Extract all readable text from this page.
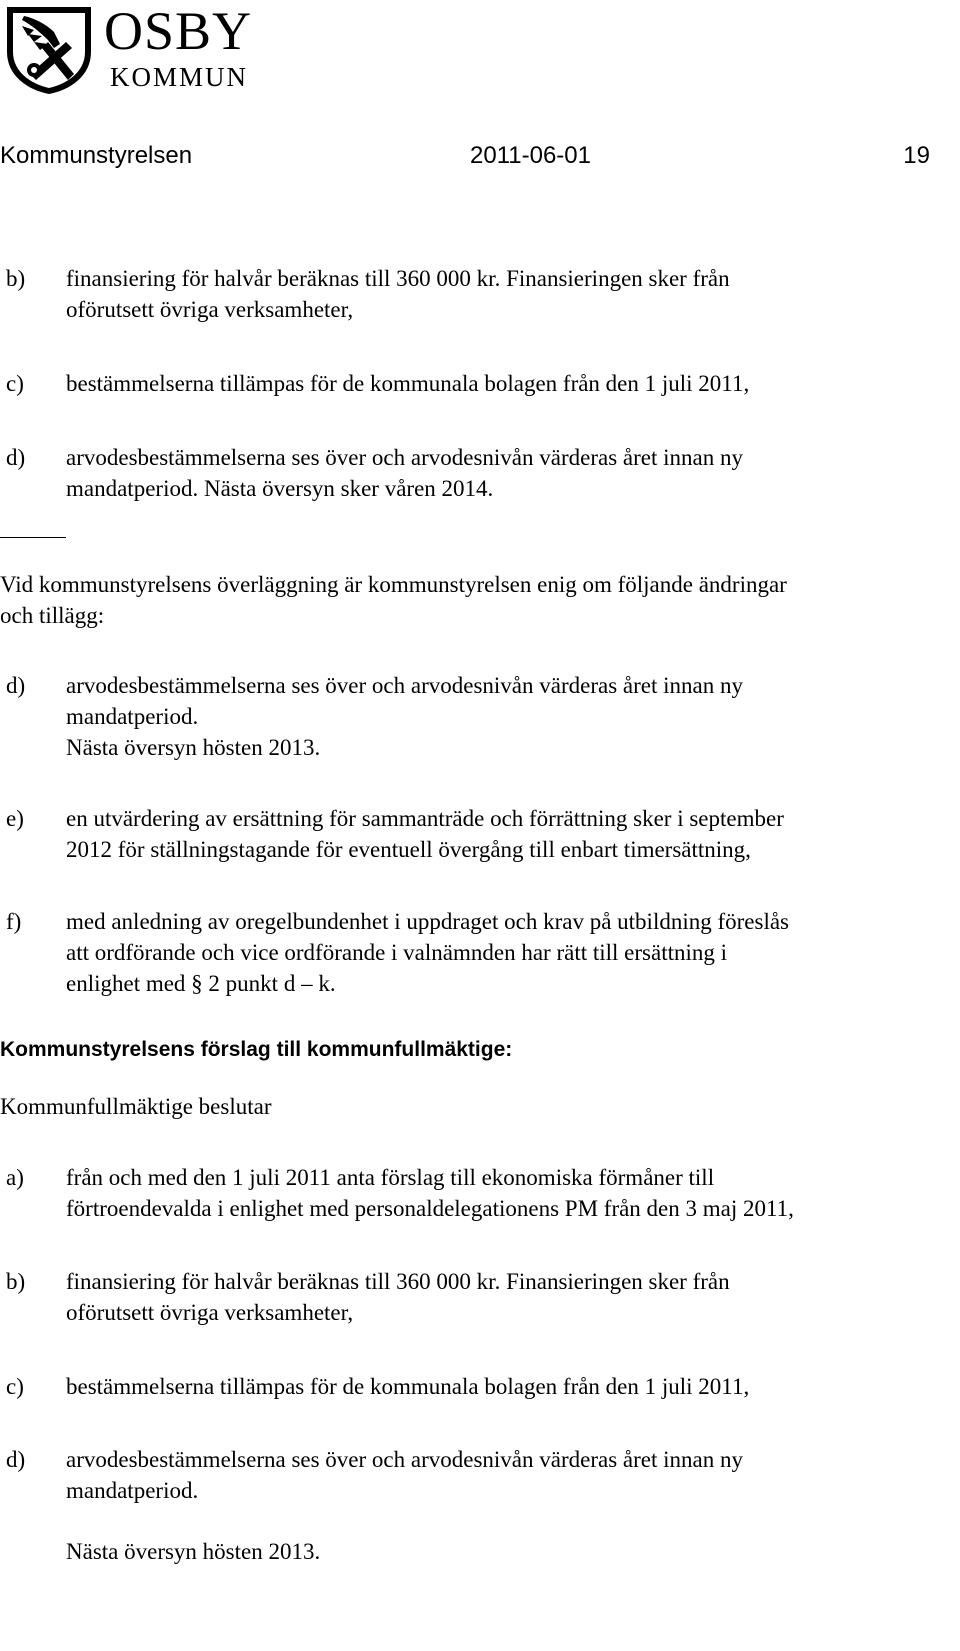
OSBY
KOMMUN
Kommunstyrelsen	2011-06-01	19
b) finansiering för halvår beräknas till 360 000 kr. Finansieringen sker från
oförutsett övriga verksamheter,
c) bestämmelserna tillämpas för de kommunala bolagen från den 1 juli 2011,
d) arvodesbestämmelserna ses över och arvodesnivån värderas året innan ny
mandatperiod. Nästa översyn sker våren 2014.
Vid kommunstyrelsens överläggning är kommunstyrelsen enig om följande ändringar
och tillägg:
d) arvodesbestämmelserna ses över och arvodesnivån värderas året innan ny
mandatperiod.
Nästa översyn hösten 2013.
e) en utvärdering av ersättning för sammanträde och förrättning sker i september
2012 för ställningstagande för eventuell övergång till enbart timersättning,
f) med anledning av oregelbundenhet i uppdraget och krav på utbildning föreslås
att ordförande och vice ordförande i valnämnden har rätt till ersättning i
enlighet med § 2 punkt d – k.
Kommunstyrelsens förslag till kommunfullmäktige:
Kommunfullmäktige beslutar
a) från och med den 1 juli 2011 anta förslag till ekonomiska förmåner till
förtroendevalda i enlighet med personaldelegationens PM från den 3 maj 2011,
b) finansiering för halvår beräknas till 360 000 kr. Finansieringen sker från
oförutsett övriga verksamheter,
c) bestämmelserna tillämpas för de kommunala bolagen från den 1 juli 2011,
d) arvodesbestämmelserna ses över och arvodesnivån värderas året innan ny
mandatperiod.
Nästa översyn hösten 2013.
